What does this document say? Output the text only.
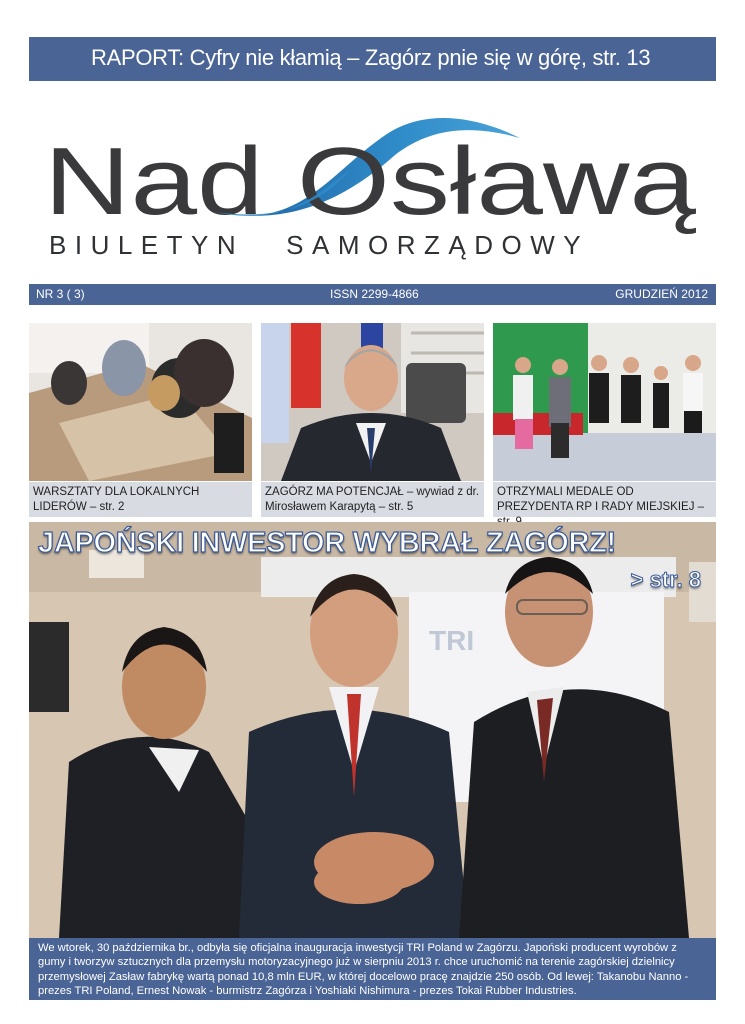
RAPORT: Cyfry nie kłamią – Zagórz pnie się w górę, str. 13
Nad Osławą
BIULETYN SAMORZĄDOWY
NR 3 ( 3)	ISSN 2299-4866	GRUDZIEŃ 2012
WARSZTATY DLA LOKALNYCH LIDERÓW – str. 2
ZAGÓRZ MA POTENCJAŁ – wywiad z dr. Mirosławem Karapytą – str. 5
OTRZYMALI MEDALE OD PREZYDENTA RP I RADY MIEJSKIEJ –
TRI
JAPOŃSKI INWESTOR WYBRAŁ ZAGÓRZ!
> str. 8
We wtorek, 30 października br., odbyła się oficjalna inauguracja inwestycji TRI Poland w Zagórzu. Japoński producent wyrobów z gumy i tworzyw sztucznych dla przemysłu motoryzacyjnego już w sierpniu 2013 r. chce uruchomić na terenie zagórskiej dzielnicy przemysłowej Zasław fabrykę wartą ponad 10,8 mln EUR, w której docelowo pracę znajdzie 250 osób. Od lewej: Takanobu Nanno - prezes TRI Poland, Ernest Nowak - burmistrz Zagórza i Yoshiaki Nishimura - prezes Tokai Rubber Industries.
